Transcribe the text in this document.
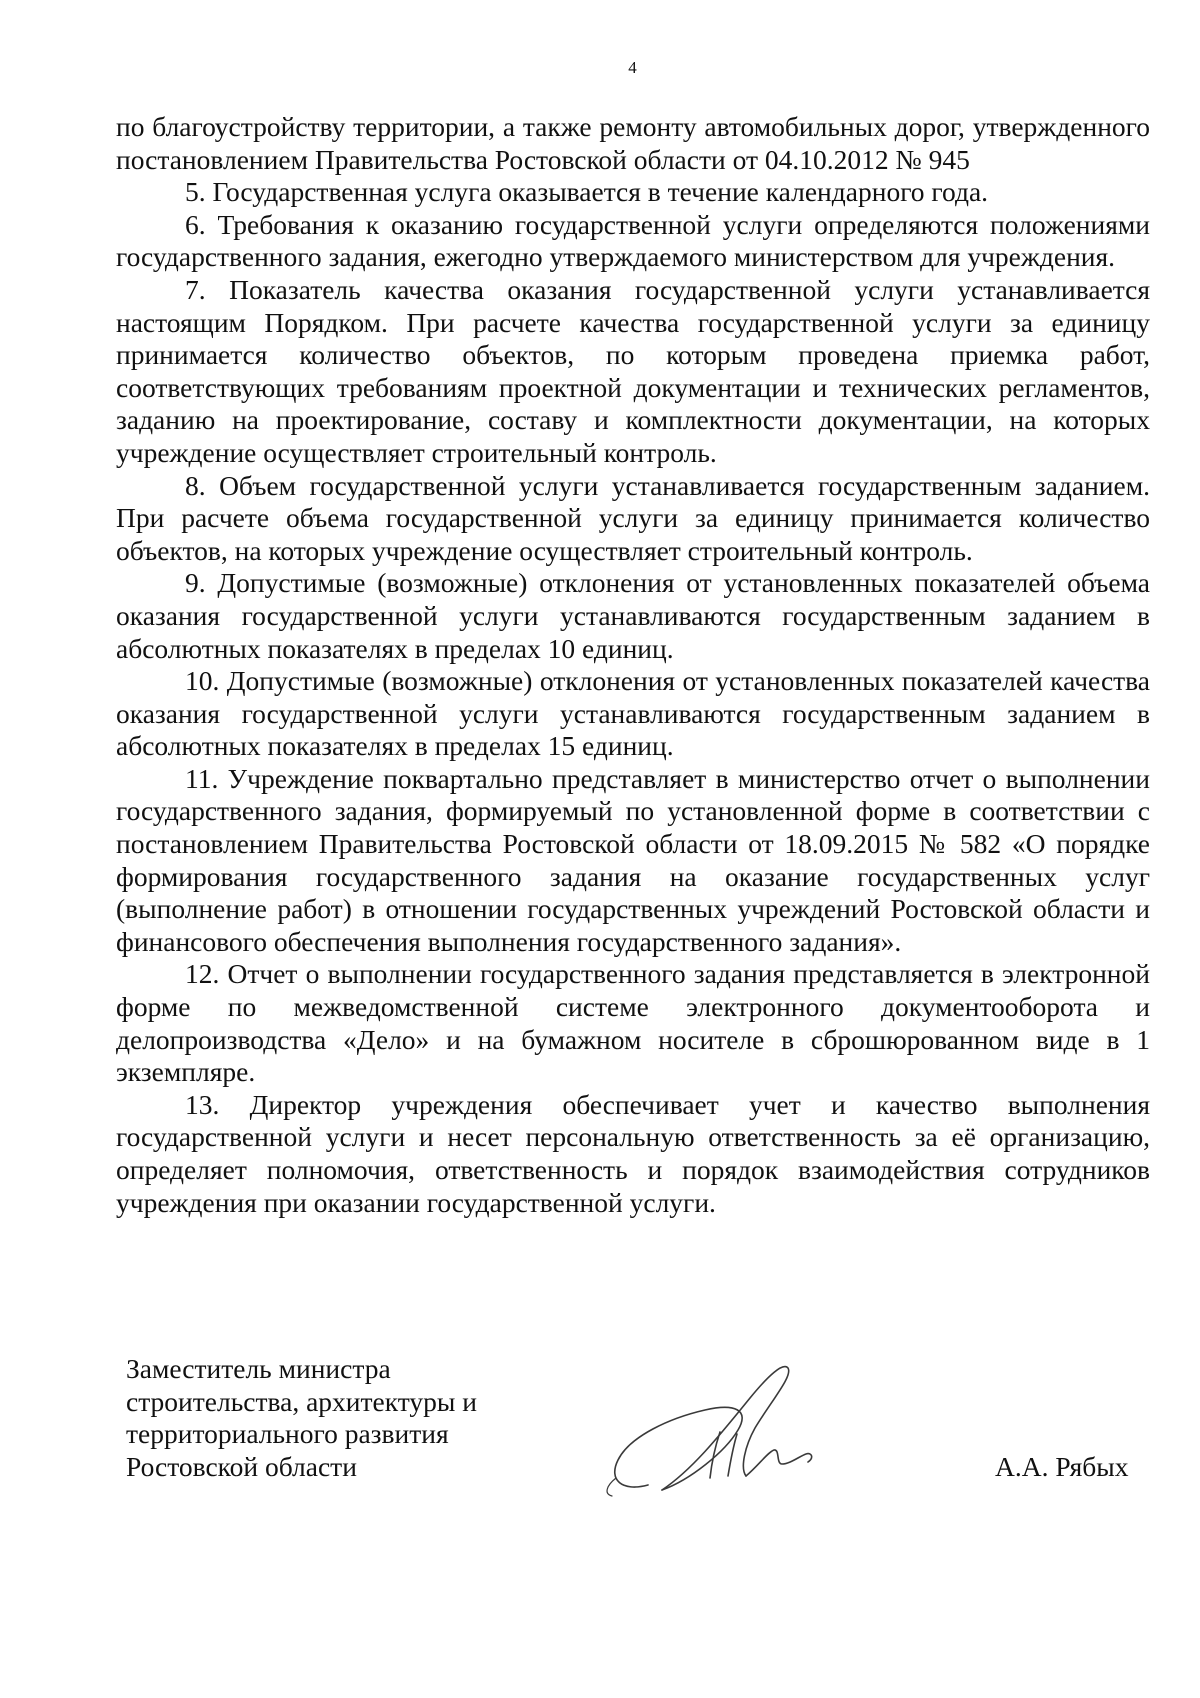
4

по благоустройству территории, а также ремонту автомобильных дорог, утвержденного постановлением Правительства Ростовской области от 04.10.2012 № 945

5. Государственная услуга оказывается в течение календарного года.

6. Требования к оказанию государственной услуги определяются положениями государственного задания, ежегодно утверждаемого министерством для учреждения.

7. Показатель качества оказания государственной услуги устанавливается настоящим Порядком. При расчете качества государственной услуги за единицу принимается количество объектов, по которым проведена приемка работ, соответствующих требованиям проектной документации и технических регламентов, заданию на проектирование, составу и комплектности документации, на которых учреждение осуществляет строительный контроль.

8. Объем государственной услуги устанавливается государственным заданием. При расчете объема государственной услуги за единицу принимается количество объектов, на которых учреждение осуществляет строительный контроль.

9. Допустимые (возможные) отклонения от установленных показателей объема оказания государственной услуги устанавливаются государственным заданием в абсолютных показателях в пределах 10 единиц.

10. Допустимые (возможные) отклонения от установленных показателей качества оказания государственной услуги устанавливаются государственным заданием в абсолютных показателях в пределах 15 единиц.

11. Учреждение поквартально представляет в министерство отчет о выполнении государственного задания, формируемый по установленной форме в соответствии с постановлением Правительства Ростовской области от 18.09.2015 № 582 «О порядке формирования государственного задания на оказание государственных услуг (выполнение работ) в отношении государственных учреждений Ростовской области и финансового обеспечения выполнения государственного задания».

12. Отчет о выполнении государственного задания представляется в электронной форме по межведомственной системе электронного документооборота и делопроизводства «Дело» и на бумажном носителе в сброшюрованном виде в 1 экземпляре.

13. Директор учреждения обеспечивает учет и качество выполнения государственной услуги и несет персональную ответственность за её организацию, определяет полномочия, ответственность и порядок взаимодействия сотрудников учреждения при оказании государственной услуги.

Заместитель министра
строительства, архитектуры и
территориального развития
Ростовской области	А.А. Рябых
